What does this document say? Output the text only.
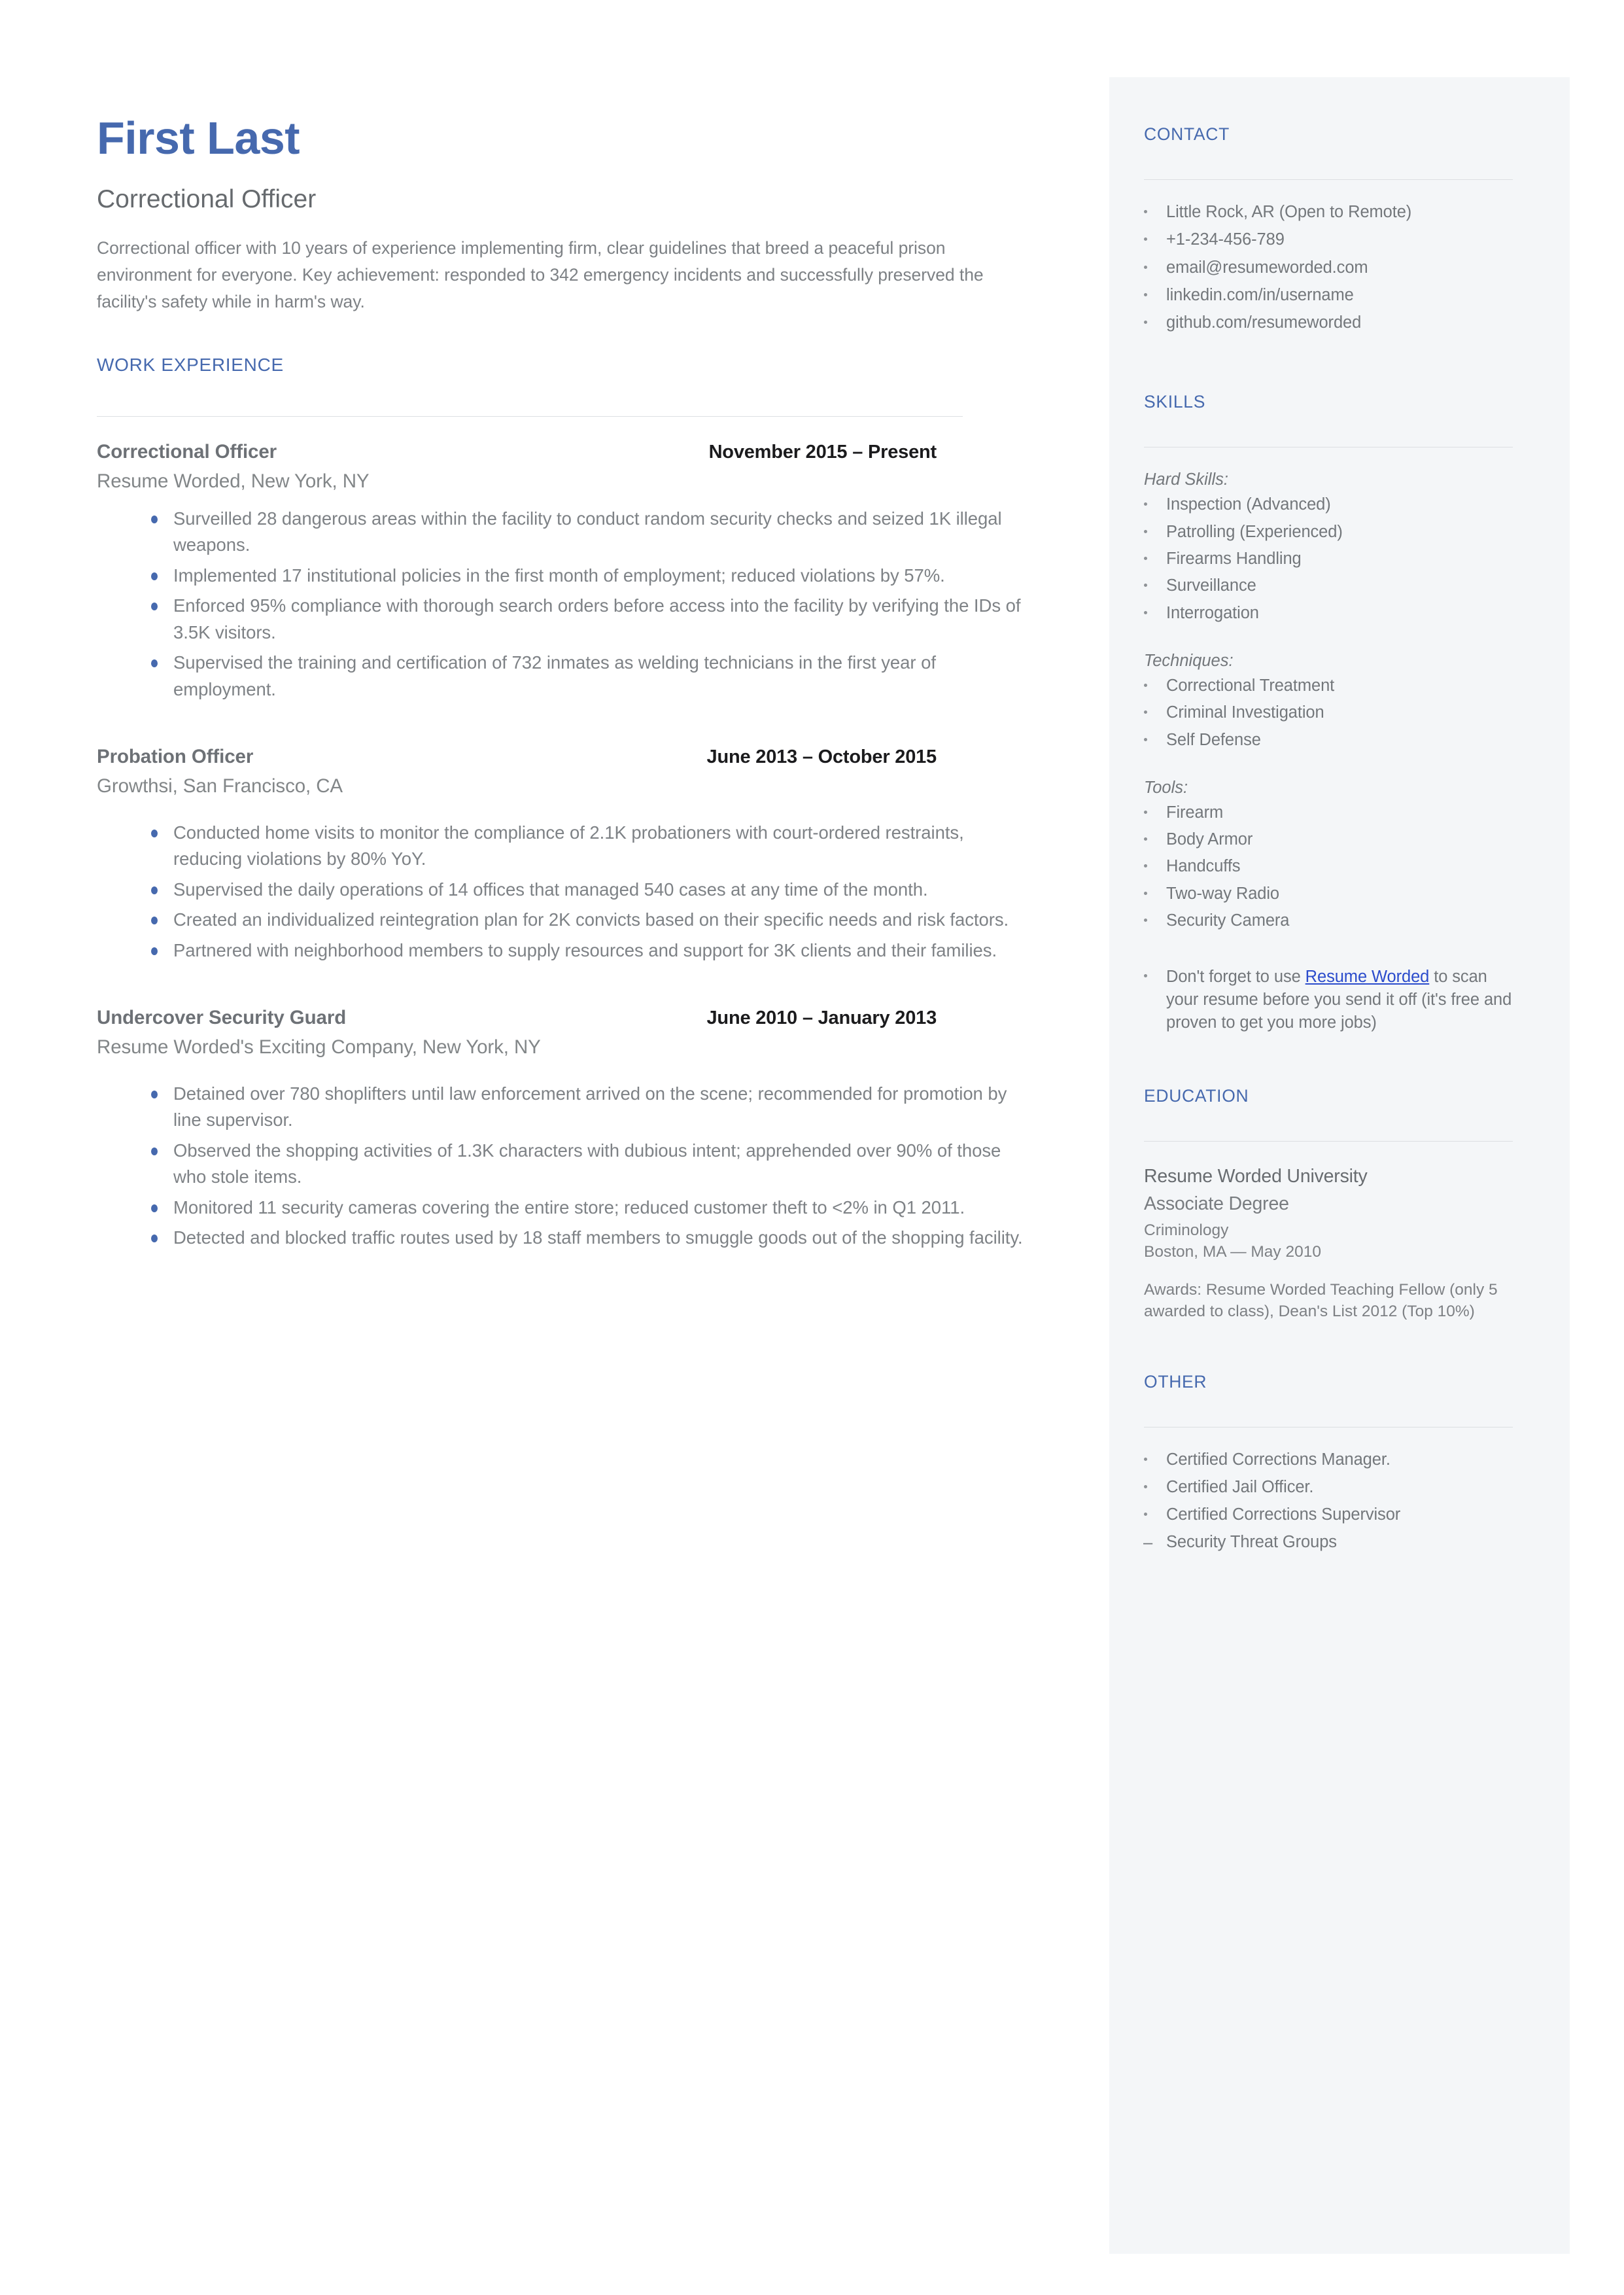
CONTACT
Little Rock, AR (Open to Remote)
+1-234-456-789
email@resumeworded.com
linkedin.com/in/username
github.com/resumeworded
SKILLS
Hard Skills:
Inspection (Advanced)
Patrolling (Experienced)
Firearms Handling
Surveillance
Interrogation
Techniques:
Correctional Treatment
Criminal Investigation
Self Defense
Tools:
Firearm
Body Armor
Handcuffs
Two-way Radio
Security Camera
Don't forget to use Resume Worded to scan your resume before you send it off (it's free and proven to get you more jobs)
EDUCATION
Resume Worded University
Associate Degree
Criminology
Boston, MA — May 2010
Awards: Resume Worded Teaching Fellow (only 5 awarded to class), Dean's List 2012 (Top 10%)
OTHER
Certified Corrections Manager.
Certified Jail Officer.
Certified Corrections Supervisor
– Security Threat Groups
First Last
Correctional Officer
Correctional officer with 10 years of experience implementing firm, clear guidelines that breed a peaceful prison environment for everyone. Key achievement: responded to 342 emergency incidents and successfully preserved the facility's safety while in harm's way.
WORK EXPERIENCE
Correctional Officer	November 2015 – Present
Resume Worded, New York, NY
Surveilled 28 dangerous areas within the facility to conduct random security checks and seized 1K illegal weapons.
Implemented 17 institutional policies in the first month of employment; reduced violations by 57%.
Enforced 95% compliance with thorough search orders before access into the facility by verifying the IDs of 3.5K visitors.
Supervised the training and certification of 732 inmates as welding technicians in the first year of employment.
Probation Officer	June 2013 – October 2015
Growthsi, San Francisco, CA
Conducted home visits to monitor the compliance of 2.1K probationers with court-ordered restraints, reducing violations by 80% YoY.
Supervised the daily operations of 14 offices that managed 540 cases at any time of the month.
Created an individualized reintegration plan for 2K convicts based on their specific needs and risk factors.
Partnered with neighborhood members to supply resources and support for 3K clients and their families.
Undercover Security Guard	June 2010 – January 2013
Resume Worded's Exciting Company, New York, NY
Detained over 780 shoplifters until law enforcement arrived on the scene; recommended for promotion by line supervisor.
Observed the shopping activities of 1.3K characters with dubious intent; apprehended over 90% of those who stole items.
Monitored 11 security cameras covering the entire store; reduced customer theft to <2% in Q1 2011.
Detected and blocked traffic routes used by 18 staff members to smuggle goods out of the shopping facility.
